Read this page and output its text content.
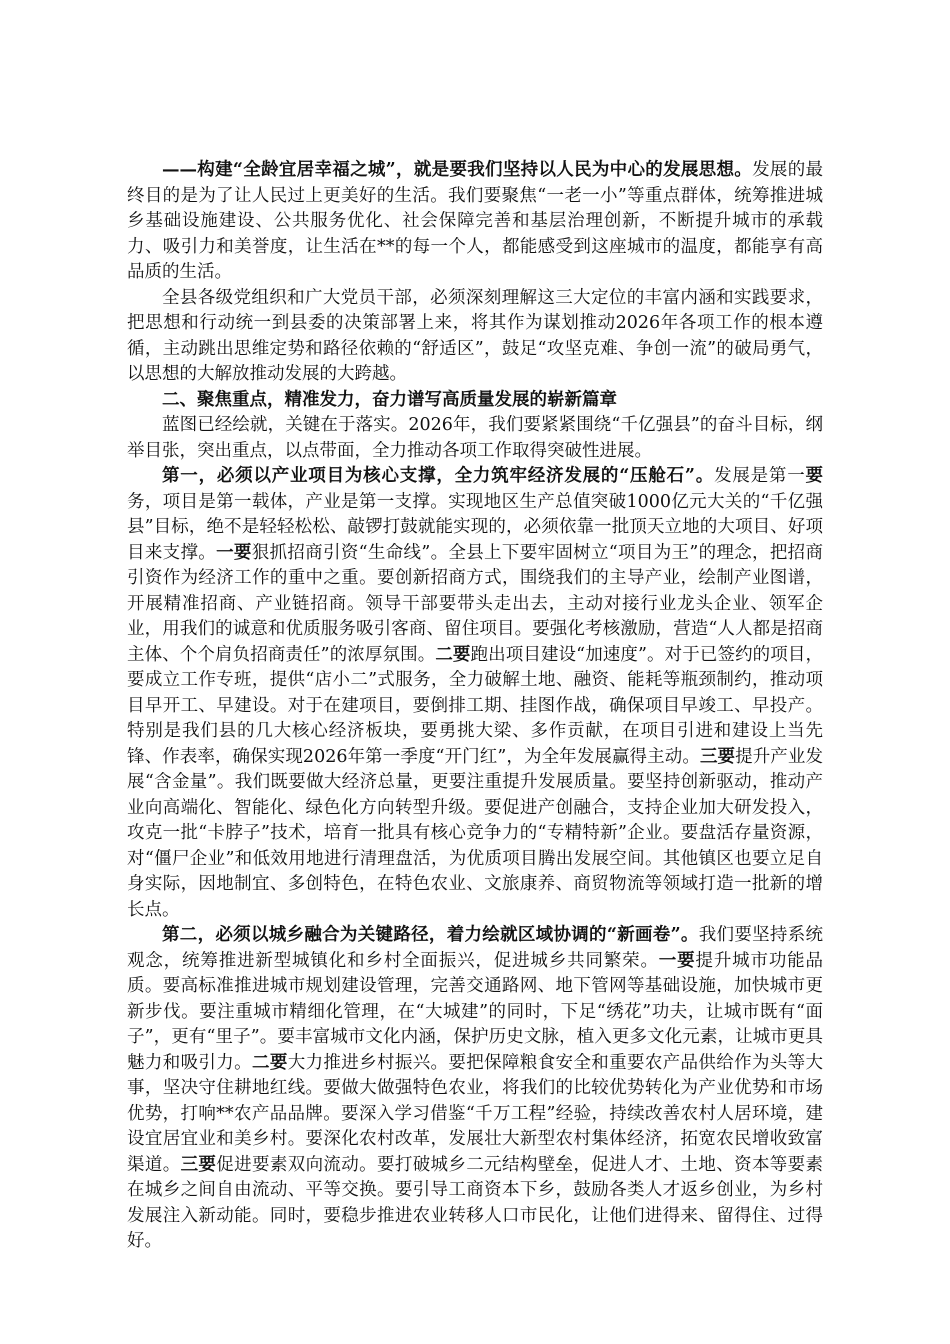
——构建“全龄宜居幸福之城”，就是要我们坚持以人民为中心的发展思想。发展的最终目的是为了让人民过上更美好的生活。我们要聚焦“一老一小”等重点群体，统筹推进城乡基础设施建设、公共服务优化、社会保障完善和基层治理创新，不断提升城市的承载力、吸引力和美誉度，让生活在**的每一个人，都能感受到这座城市的温度，都能享有高品质的生活。

全县各级党组织和广大党员干部，必须深刻理解这三大定位的丰富内涵和实践要求，把思想和行动统一到县委的决策部署上来，将其作为谋划推动2026年各项工作的根本遵循，主动跳出思维定势和路径依赖的“舒适区”，鼓足“攻坚克难、争创一流”的破局勇气，以思想的大解放推动发展的大跨越。

二、聚焦重点，精准发力，奋力谱写高质量发展的崭新篇章

蓝图已经绘就，关键在于落实。2026年，我们要紧紧围绕“千亿强县”的奋斗目标，纲举目张，突出重点，以点带面，全力推动各项工作取得突破性进展。

第一，必须以产业项目为核心支撑，全力筑牢经济发展的“压舱石”。发展是第一要务，项目是第一载体，产业是第一支撑。实现地区生产总值突破1000亿元大关的“千亿强县”目标，绝不是轻轻松松、敲锣打鼓就能实现的，必须依靠一批顶天立地的大项目、好项目来支撑。一要狠抓招商引资“生命线”。全县上下要牢固树立“项目为王”的理念，把招商引资作为经济工作的重中之重。要创新招商方式，围绕我们的主导产业，绘制产业图谱，开展精准招商、产业链招商。领导干部要带头走出去，主动对接行业龙头企业、领军企业，用我们的诚意和优质服务吸引客商、留住项目。要强化考核激励，营造“人人都是招商主体、个个肩负招商责任”的浓厚氛围。二要跑出项目建设“加速度”。对于已签约的项目，要成立工作专班，提供“店小二”式服务，全力破解土地、融资、能耗等瓶颈制约，推动项目早开工、早建设。对于在建项目，要倒排工期、挂图作战，确保项目早竣工、早投产。特别是我们县的几大核心经济板块，要勇挑大梁、多作贡献，在项目引进和建设上当先锋、作表率，确保实现2026年第一季度“开门红”，为全年发展赢得主动。三要提升产业发展“含金量”。我们既要做大经济总量，更要注重提升发展质量。要坚持创新驱动，推动产业向高端化、智能化、绿色化方向转型升级。要促进产创融合，支持企业加大研发投入，攻克一批“卡脖子”技术，培育一批具有核心竞争力的“专精特新”企业。要盘活存量资源，对“僵尸企业”和低效用地进行清理盘活，为优质项目腾出发展空间。其他镇区也要立足自身实际，因地制宜、多创特色，在特色农业、文旅康养、商贸物流等领域打造一批新的增长点。

第二，必须以城乡融合为关键路径，着力绘就区域协调的“新画卷”。我们要坚持系统观念，统筹推进新型城镇化和乡村全面振兴，促进城乡共同繁荣。一要提升城市功能品质。要高标准推进城市规划建设管理，完善交通路网、地下管网等基础设施，加快城市更新步伐。要注重城市精细化管理，在“大城建”的同时，下足“绣花”功夫，让城市既有“面子”，更有“里子”。要丰富城市文化内涵，保护历史文脉，植入更多文化元素，让城市更具魅力和吸引力。二要大力推进乡村振兴。要把保障粮食安全和重要农产品供给作为头等大事，坚决守住耕地红线。要做大做强特色农业，将我们的比较优势转化为产业优势和市场优势，打响**农产品品牌。要深入学习借鉴“千万工程”经验，持续改善农村人居环境，建设宜居宜业和美乡村。要深化农村改革，发展壮大新型农村集体经济，拓宽农民增收致富渠道。三要促进要素双向流动。要打破城乡二元结构壁垒，促进人才、土地、资本等要素在城乡之间自由流动、平等交换。要引导工商资本下乡，鼓励各类人才返乡创业，为乡村发展注入新动能。同时，要稳步推进农业转移人口市民化，让他们进得来、留得住、过得好。
